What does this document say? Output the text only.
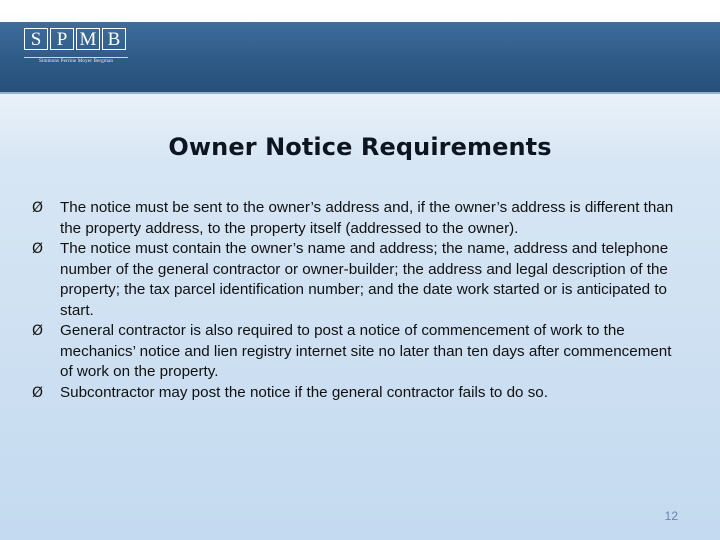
S P M B
Simmons Perrine Moyer Bergman
Owner Notice Requirements
Ø	The notice must be sent to the owner’s address and, if the owner’s address is different than the property address, to the property itself (addressed to the owner).
Ø	The notice must contain the owner’s name and address; the name, address and telephone number of the general contractor or owner-builder; the address and legal description of the property; the tax parcel identification number; and the date work started or is anticipated to start.
Ø	General contractor is also required to post a notice of commencement of work to the mechanics’ notice and lien registry internet site no later than ten days after commencement of work on the property.
Ø	Subcontractor may post the notice if the general contractor fails to do so.
12
